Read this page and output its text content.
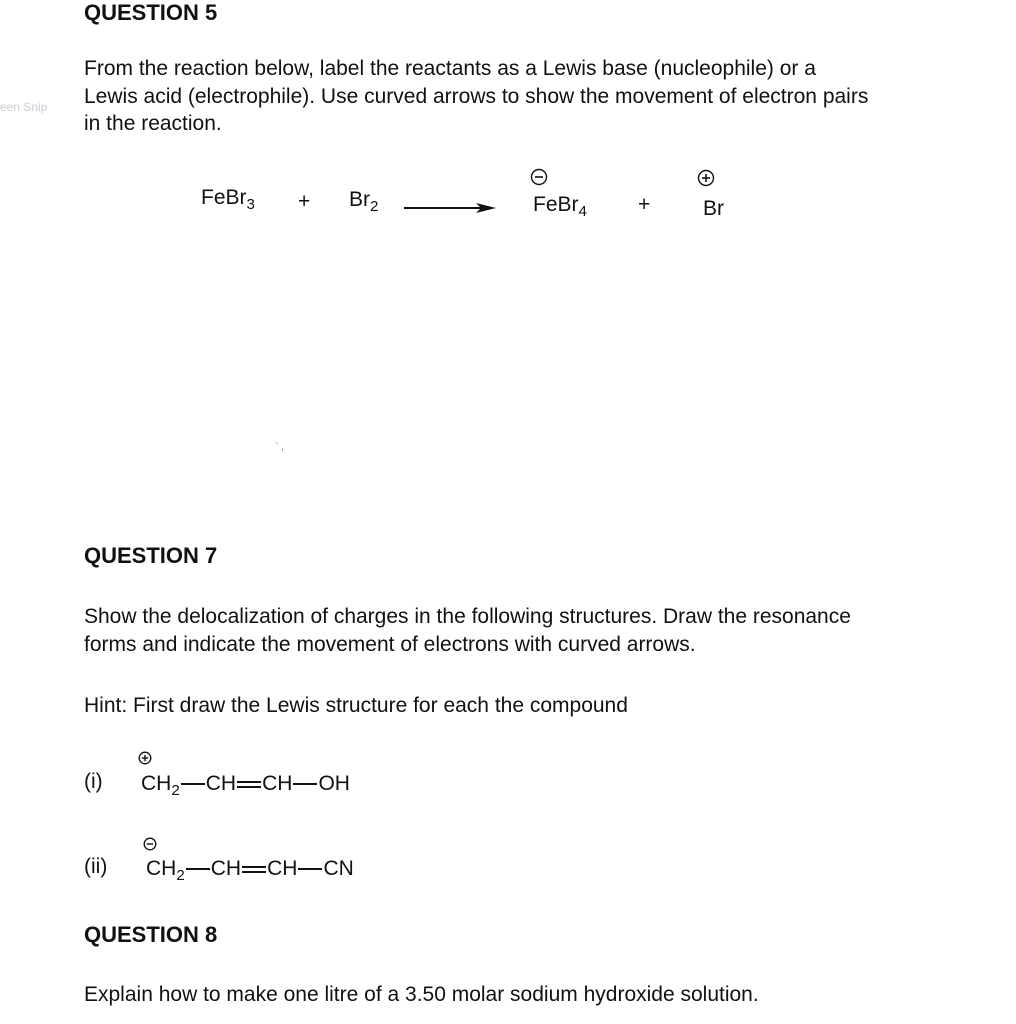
een Snip
QUESTION 5
From the reaction below, label the reactants as a Lewis base (nucleophile) or a
Lewis acid (electrophile). Use curved arrows to show the movement of electron pairs
in the reaction.
FeBr$_3$ + $Br_2$	FeBr$_4$ +	Br
` ,
QUESTION 7
Show the delocalization of charges in the following structures. Draw the resonance
forms and indicate the movement of electrons with curved arrows.
Hint: First draw the Lewis structure for each the compound
(i) $CH_2$ CH CH OH
(ii) $CH_2$ CH CH CN
QUESTION 8
Explain how to make one litre of a 3.50 molar sodium hydroxide solution.
